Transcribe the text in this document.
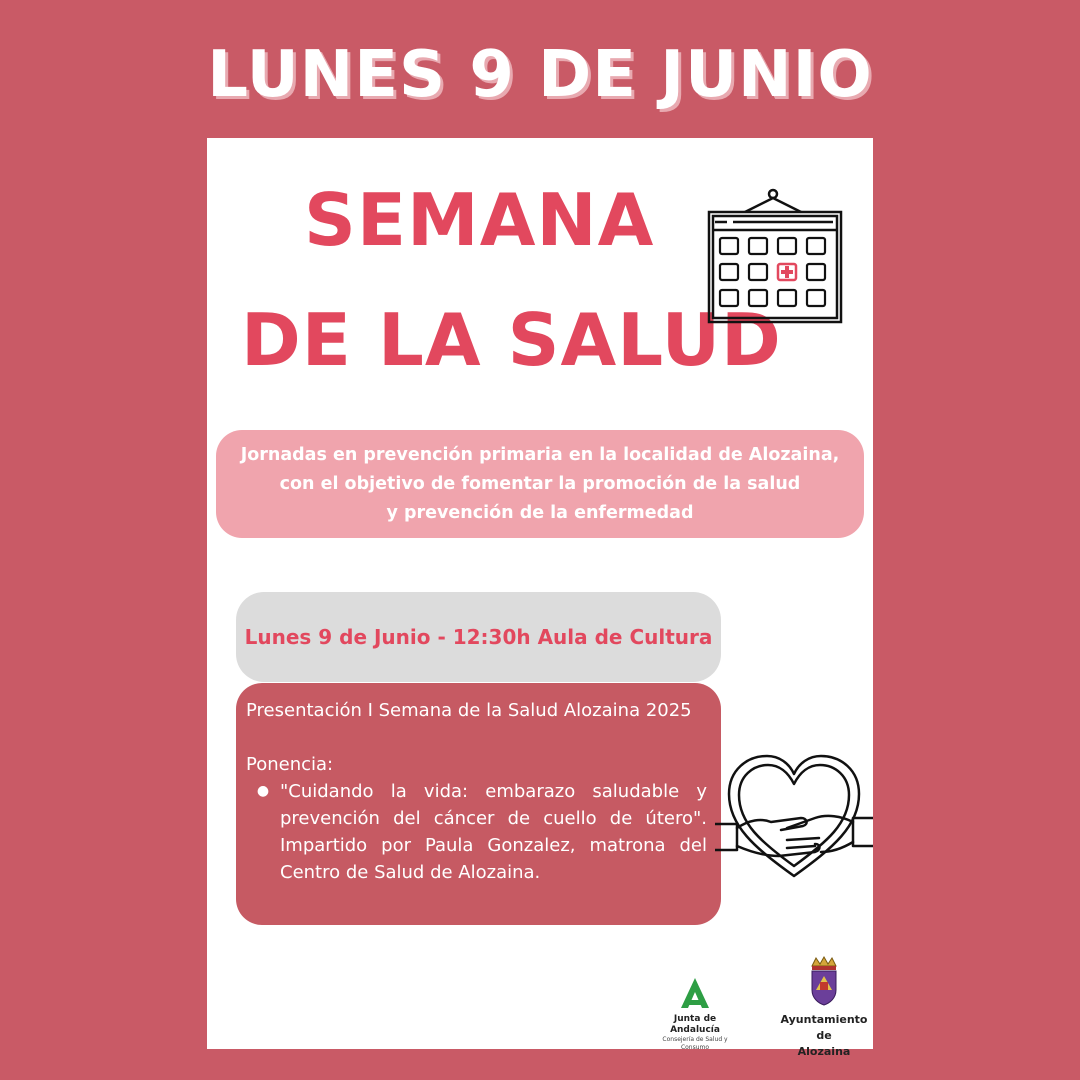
LUNES 9 DE JUNIO
SEMANA
DE LA SALUD
Jornadas en prevención primaria en la localidad de Alozaina,
con el objetivo de fomentar la promoción de la salud
y prevención de la enfermedad
Lunes 9 de Junio - 12:30h Aula de Cultura

Presentación I Semana de la Salud Alozaina 2025

Ponencia:

● "Cuidando la vida: embarazo saludable y prevención del cáncer de cuello de útero". Impartido por Paula Gonzalez, matrona del Centro de Salud de Alozaina.
Junta de Andalucía
Consejería de Salud y Consumo
Ayuntamiento de
Alozaina
